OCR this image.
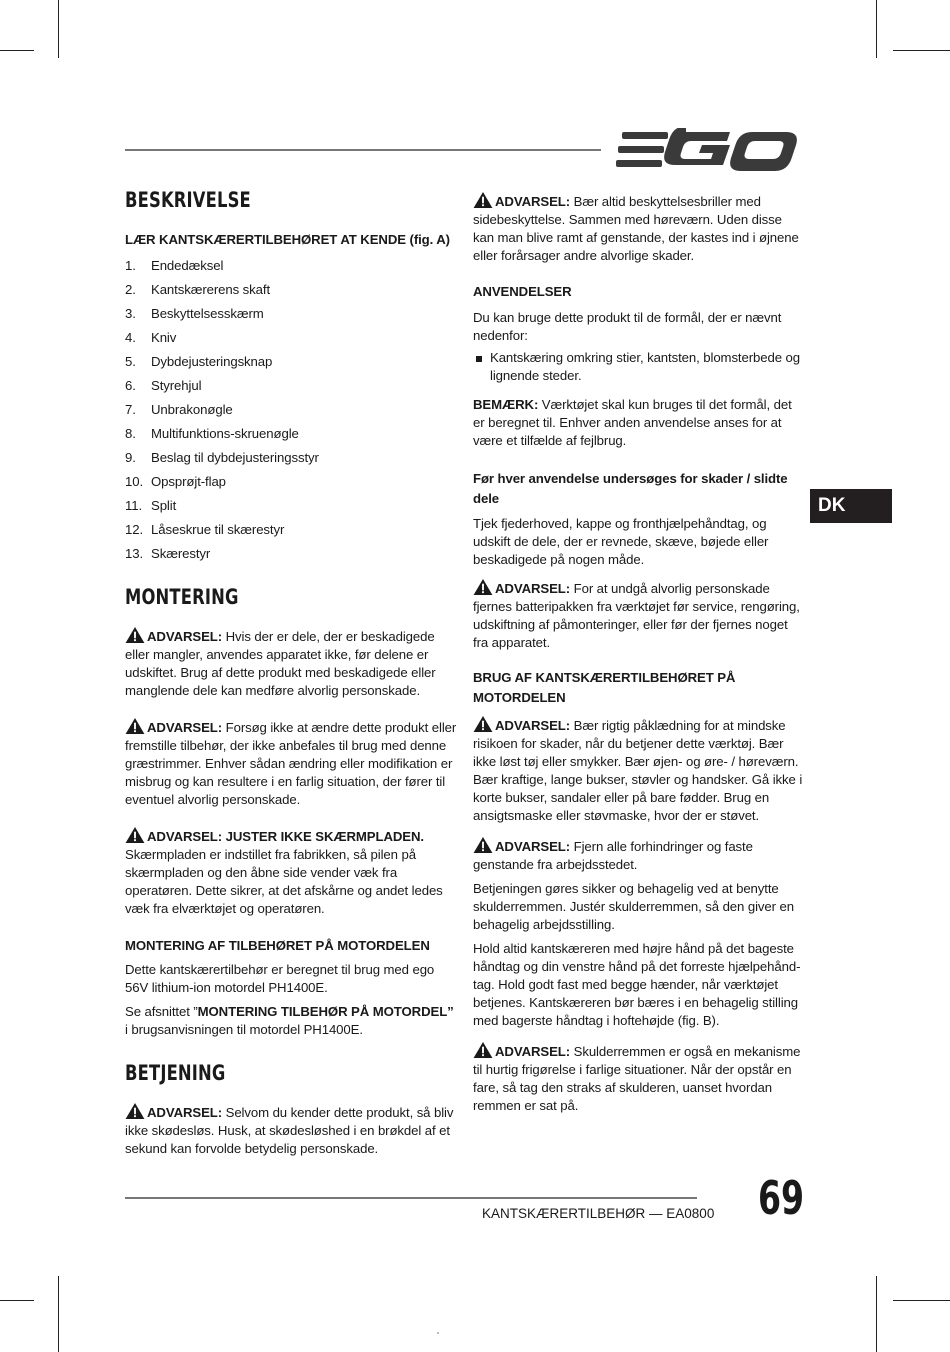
BESKRIVELSE

LÆR KANTSKÆRERTILBEHØRET AT KENDE (fig. A)

1.	Endedæksel
2.	Kantskærerens skaft
3.	Beskyttelsesskærm
4.	Kniv
5.	Dybdejusteringsknap
6.	Styrehjul
7.	Unbrakonøgle
8.	Multifunktions-skruenøgle
9.	Beslag til dybdejusteringsstyr
10. Opsprøjt-flap
11. Split
12. Låseskrue til skærestyr
13. Skærestyr
MONTERING

ADVARSEL: Hvis der er dele, der er beskadigede eller mangler, anvendes apparatet ikke, før delene er udskiftet. Brug af dette produkt med beskadigede eller manglende dele kan medføre alvorlig personskade.

ADVARSEL: Forsøg ikke at ændre dette produkt eller fremstille tilbehør, der ikke anbefales til brug med denne græstrimmer. Enhver sådan ændring eller modifikation er misbrug og kan resultere i en farlig situation, der fører til eventuel alvorlig personskade.

ADVARSEL: JUSTER IKKE SKÆRMPLADEN.
Skærmpladen er indstillet fra fabrikken, så pilen på skærmpladen og den åbne side vender væk fra operatøren. Dette sikrer, at det afskårne og andet ledes væk fra elværktøjet og operatøren.

MONTERING AF TILBEHØRET PÅ MOTORDELEN

Dette kantskærertilbehør er beregnet til brug med ego 56V lithium-ion motordel PH1400E.

Se afsnittet ”MONTERING TILBEHØR PÅ MOTORDEL” i brugsanvisningen til motordel PH1400E.

BETJENING

ADVARSEL: Selvom du kender dette produkt, så bliv ikke skødesløs. Husk, at skødesløshed i en brøkdel af et sekund kan forvolde betydelig personskade.

ADVARSEL: Bær altid beskyttelsesbriller med sidebeskyttelse. Sammen med høreværn. Uden disse kan man blive ramt af genstande, der kastes ind i øjnene eller forårsager andre alvorlige skader.

ANVENDELSER

Du kan bruge dette produkt til de formål, der er nævnt nedenfor:

Kantskæring omkring stier, kantsten, blomsterbede og lignende steder.

BEMÆRK: Værktøjet skal kun bruges til det formål, det er beregnet til. Enhver anden anvendelse anses for at være et tilfælde af fejlbrug.

Før hver anvendelse undersøges for skader / slidte dele

Tjek fjederhoved, kappe og fronthjælpehåndtag, og udskift de dele, der er revnede, skæve, bøjede eller beskadigede på nogen måde.

ADVARSEL: For at undgå alvorlig personskade fjernes batteripakken fra værktøjet før service, rengøring, udskiftning af påmonteringer, eller før der fjernes noget fra apparatet.

BRUG AF KANTSKÆRERTILBEHØRET PÅ MOTORDELEN

ADVARSEL: Bær rigtig påklædning for at mindske risikoen for skader, når du betjener dette værktøj. Bær ikke løst tøj eller smykker. Bær øjen- og øre- / høreværn. Bær kraftige, lange bukser, støvler og handsker. Gå ikke i korte bukser, sandaler eller på bare fødder. Brug en ansigtsmaske eller støvmaske, hvor der er støvet.

ADVARSEL: Fjern alle forhindringer og faste genstande fra arbejdsstedet.

Betjeningen gøres sikker og behagelig ved at benytte skulderremmen. Justér skulderremmen, så den giver en behagelig arbejdsstilling.

Hold altid kantskæreren med højre hånd på det bageste håndtag og din venstre hånd på det forreste hjælpehånd-tag. Hold godt fast med begge hænder, når værktøjet betjenes. Kantskæreren bør bæres i en behagelig stilling med bagerste håndtag i hoftehøjde (fig. B).

ADVARSEL: Skulderremmen er også en mekanisme til hurtig frigørelse i farlige situationer. Når der opstår en fare, så tag den straks af skulderen, uanset hvordan remmen er sat på.

DK
KANTSKÆRERTILBEHØR — EA0800 69
